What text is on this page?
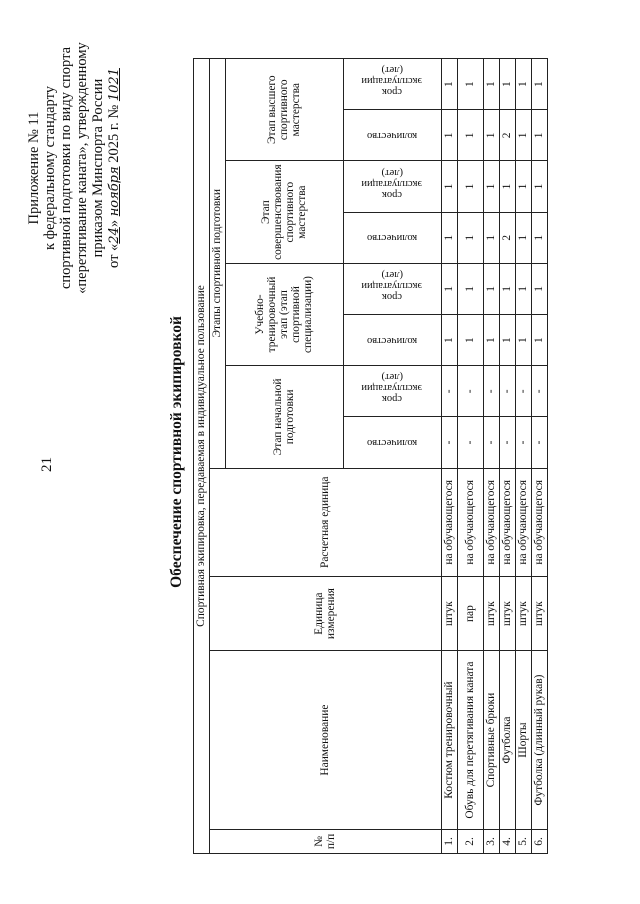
21
Приложение № 11 к федеральному стандарту спортивной подготовки по виду спорта «перетягивание каната», утвержденному приказом Минспорта России от «24» ноября 2025 г. № 1021
Обеспечение спортивной экипировкой Спортивная экипировка, передаваемая в индивидуальное пользование											
№ п/п	Наименование	Единица измерения	Расчетная единица	Этапы спортивной подготовки							
				Этап начальной подготовки		Учебно-тренировочный этап (этап спортивной специализации)		Этап совершенствования спортивного мастерства		Этап высшего спортивного мастерства	

				количество	срок эксплуатации (лет)	количество	срок эксплуатации (лет)	количество	срок эксплуатации (лет)	количество	срок эксплуатации (лет)

1.	Костюм тренировочный	штук	на обучающегося	-	-	1	1	1	1	1	1
2.	Обувь для перетягивания каната	пар	на обучающегося	-	-	1	1	1	1	1	1
3.	Спортивные брюки	штук	на обучающегося	-	-	1	1	1	1	1	1
4.	Футболка	штук	на обучающегося	-	-	1	1	2	1	2	1
5.	Шорты	штук	на обучающегося	-	-	1	1	1	1	1	1
6.	Футболка (длинный рукав)	штук	на обучающегося	-	-	1	1	1	1	1	1
